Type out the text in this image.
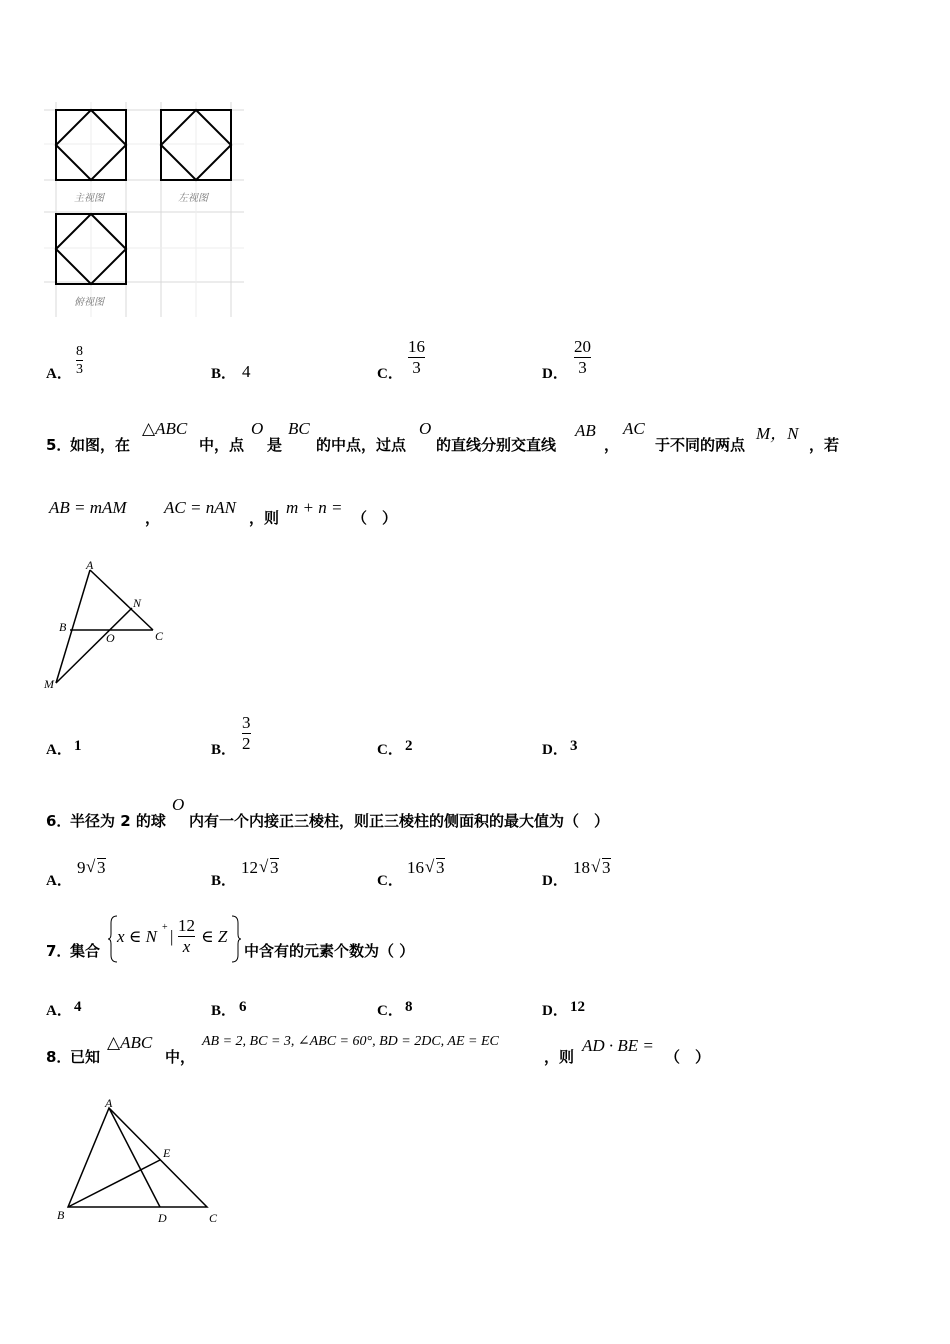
主视图	左视图
俯视图
A．
8
3	B． 4	C．
16
3	D．
20
3
5．
如图，在
△ABC
中，点
O
是
BC
的中点，过点
O
的直线分别交直线
AB
，
AC
于不同的两点
M，N
，若
AB = mAM
，
AC = nAN
，则
m + n =
（　）
A
B
C
O
N
M
A． 1	B．
3
2	C． 2	D． 3
6．
半径为 2 的球
O
内有一个内接正三棱柱，则正三棱柱的侧面积的最大值为（　）
A．
9 √ 3
B．
12 √ 3
C．
16 √ 3
D．
18 √ 3
7．
集合
x ∈ N + |
12
x
∈ Z
中含有的元素个数为（ ）
A． 4	B． 6	C． 8	D． 12
8．
已知
△ABC
中，
AB = 2, BC = 3, ∠ABC = 60°, BD = 2DC, AE = EC
，则
AD · BE =
（　）
A
B	C
D
E
